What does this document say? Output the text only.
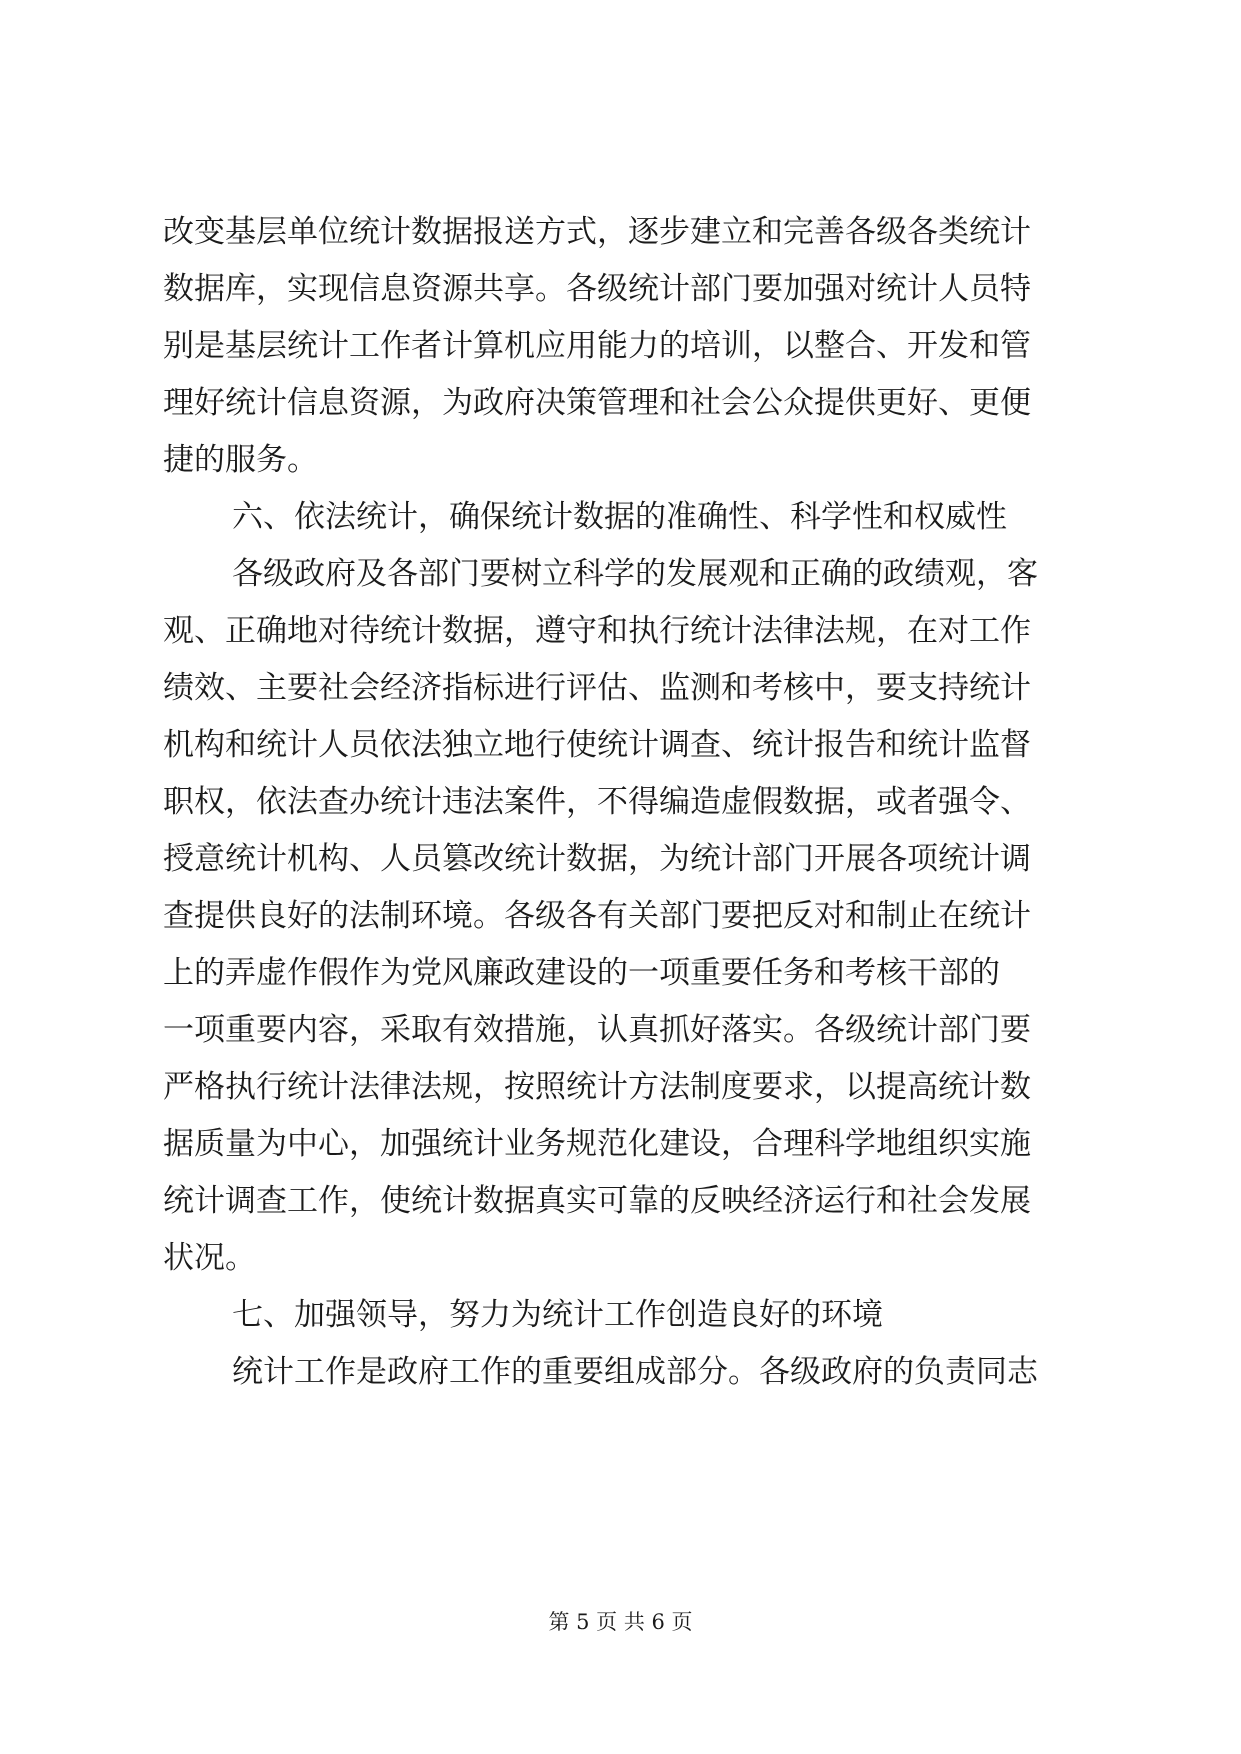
改变基层单位统计数据报送方式，逐步建立和完善各级各类统计
数据库，实现信息资源共享。各级统计部门要加强对统计人员特
别是基层统计工作者计算机应用能力的培训，以整合、开发和管
理好统计信息资源，为政府决策管理和社会公众提供更好、更便
捷的服务。
六、依法统计，确保统计数据的准确性、科学性和权威性
各级政府及各部门要树立科学的发展观和正确的政绩观，客
观、正确地对待统计数据，遵守和执行统计法律法规，在对工作
绩效、主要社会经济指标进行评估、监测和考核中，要支持统计
机构和统计人员依法独立地行使统计调查、统计报告和统计监督
职权，依法查办统计违法案件，不得编造虚假数据，或者强令、
授意统计机构、人员篡改统计数据，为统计部门开展各项统计调
查提供良好的法制环境。各级各有关部门要把反对和制止在统计
上的弄虚作假作为党风廉政建设的一项重要任务和考核干部的
一项重要内容，采取有效措施，认真抓好落实。各级统计部门要
严格执行统计法律法规，按照统计方法制度要求，以提高统计数
据质量为中心，加强统计业务规范化建设，合理科学地组织实施
统计调查工作，使统计数据真实可靠的反映经济运行和社会发展
状况。
七、加强领导，努力为统计工作创造良好的环境
统计工作是政府工作的重要组成部分。各级政府的负责同志
第 5 页 共 6 页
